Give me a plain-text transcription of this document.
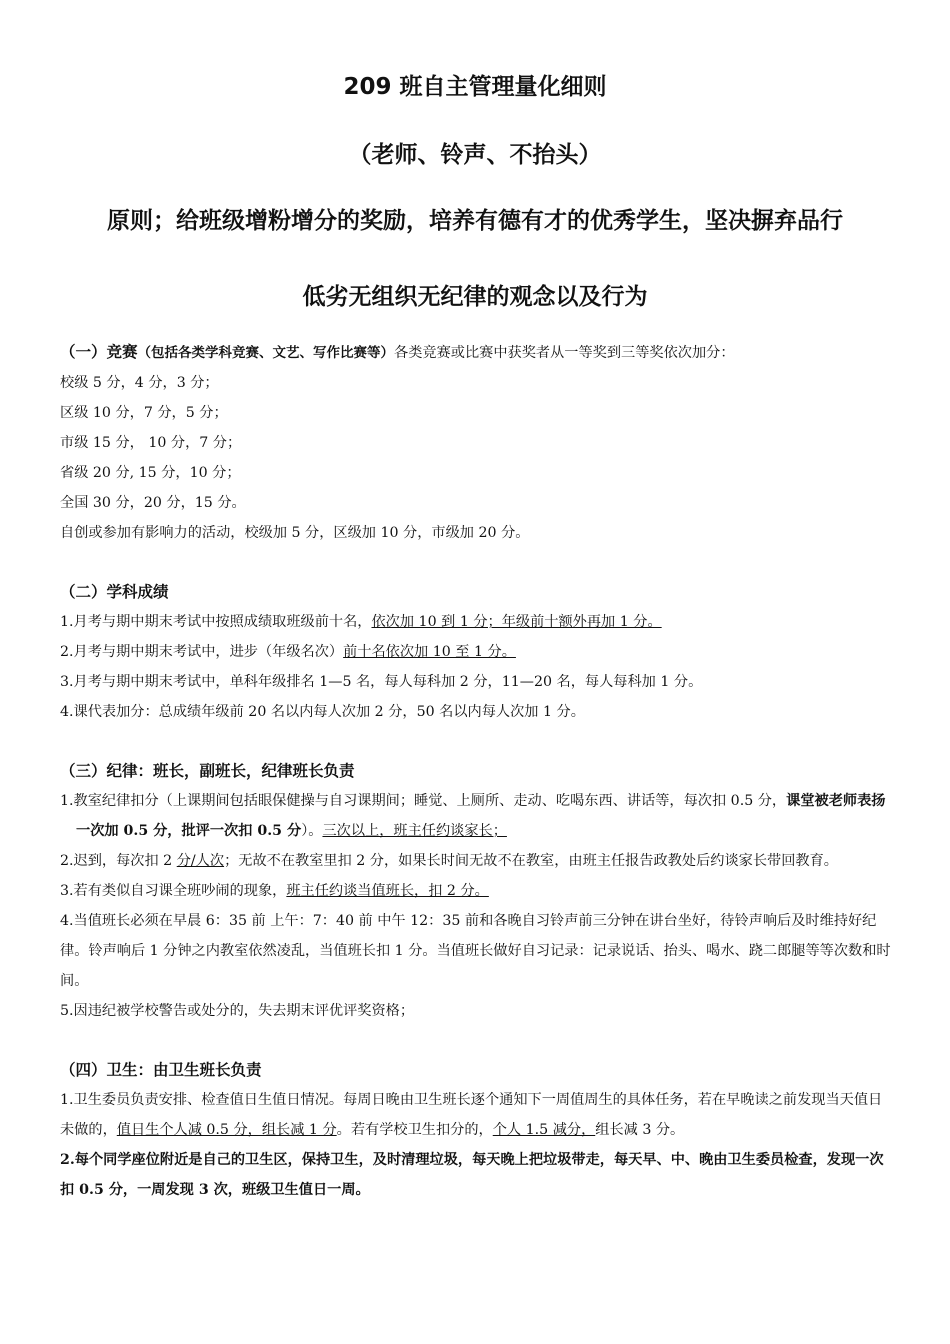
209 班自主管理量化细则
（老师、铃声、不抬头）
原则；给班级增粉增分的奖励，培养有德有才的优秀学生，坚决摒弃品行
低劣无组织无纪律的观念以及行为

（一）竞赛（包括各类学科竞赛、文艺、写作比赛等）各类竞赛或比赛中获奖者从一等奖到三等奖依次加分：

校级 5 分，4 分，3 分；

区级 10 分，7 分，5 分；

市级 15 分， 10 分，7 分；

省级 20 分, 15 分，10 分；

全国 30 分，20 分，15 分。

自创或参加有影响力的活动，校级加 5 分，区级加 10 分，市级加 20 分。

（二）学科成绩

1.月考与期中期末考试中按照成绩取班级前十名，依次加 10 到 1 分；年级前十额外再加 1 分。

2.月考与期中期末考试中，进步（年级名次）前十名依次加 10 至 1 分。

3.月考与期中期末考试中，单科年级排名 1—5 名，每人每科加 2 分，11—20 名，每人每科加 1 分。

4.课代表加分：总成绩年级前 20 名以内每人次加 2 分，50 名以内每人次加 1 分。

（三）纪律：班长，副班长，纪律班长负责

1.教室纪律扣分（上课期间包括眼保健操与自习课期间；睡觉、上厕所、走动、吃喝东西、讲话等，每次扣 0.5 分，课堂被老师表扬一次加 0.5 分，批评一次扣 0.5 分）。三次以上，班主任约谈家长；

2.迟到，每次扣 2 分/人次；无故不在教室里扣 2 分，如果长时间无故不在教室，由班主任报告政教处后约谈家长带回教育。

3.若有类似自习课全班吵闹的现象，班主任约谈当值班长，扣 2 分。

4.当值班长必须在早晨 6：35 前 上午：7：40 前 中午 12：35 前和各晚自习铃声前三分钟在讲台坐好，待铃声响后及时维持好纪律。铃声响后 1 分钟之内教室依然凌乱，当值班长扣 1 分。当值班长做好自习记录：记录说话、抬头、喝水、跷二郎腿等等次数和时间。

5.因违纪被学校警告或处分的，失去期末评优评奖资格；

（四）卫生：由卫生班长负责

1.卫生委员负责安排、检查值日生值日情况。每周日晚由卫生班长逐个通知下一周值周生的具体任务，若在早晚读之前发现当天值日未做的，值日生个人减 0.5 分，组长减 1 分。若有学校卫生扣分的，个人 1.5 减分，组长减 3 分。

2.每个同学座位附近是自己的卫生区，保持卫生，及时清理垃圾，每天晚上把垃圾带走，每天早、中、晚由卫生委员检查，发现一次扣 0.5 分，一周发现 3 次，班级卫生值日一周。
